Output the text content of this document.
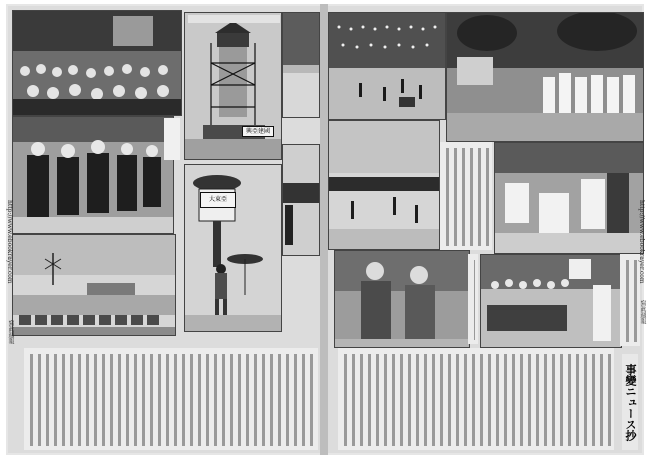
興亞建國
大東亞
事變ニュース抄
http://www.ebookrayer.com
寫眞週報
http://www.ebookrayer.com
寫眞週報
